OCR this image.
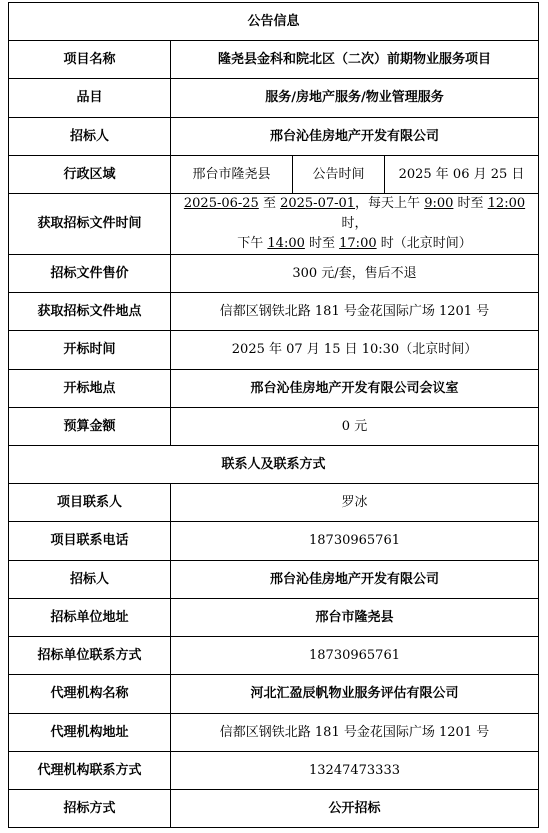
公告信息			
项目名称	隆尧县金科和院北区（二次）前期物业服务项目		
品目	服务/房地产服务/物业管理服务		
招标人	邢台沁佳房地产开发有限公司		
行政区域	邢台市隆尧县	公告时间	2025 年 06 月 25 日
获取招标文件时间	2025-06-25 至 2025-07-01，每天上午 9:00 时至 12:00 时，
下午 14:00 时至 17:00 时（北京时间）		
招标文件售价	300 元/套，售后不退		
获取招标文件地点	信都区钢铁北路 181 号金花国际广场 1201 号		
开标时间	2025 年 07 月 15 日 10:30（北京时间）		
开标地点	邢台沁佳房地产开发有限公司会议室		
预算金额	0 元		
联系人及联系方式			
项目联系人	罗冰		
项目联系电话	18730965761		
招标人	邢台沁佳房地产开发有限公司		
招标单位地址	邢台市隆尧县		
招标单位联系方式	18730965761		
代理机构名称	河北汇盈辰帆物业服务评估有限公司		
代理机构地址	信都区钢铁北路 181 号金花国际广场 1201 号		
代理机构联系方式	13247473333		
招标方式	公开招标		
